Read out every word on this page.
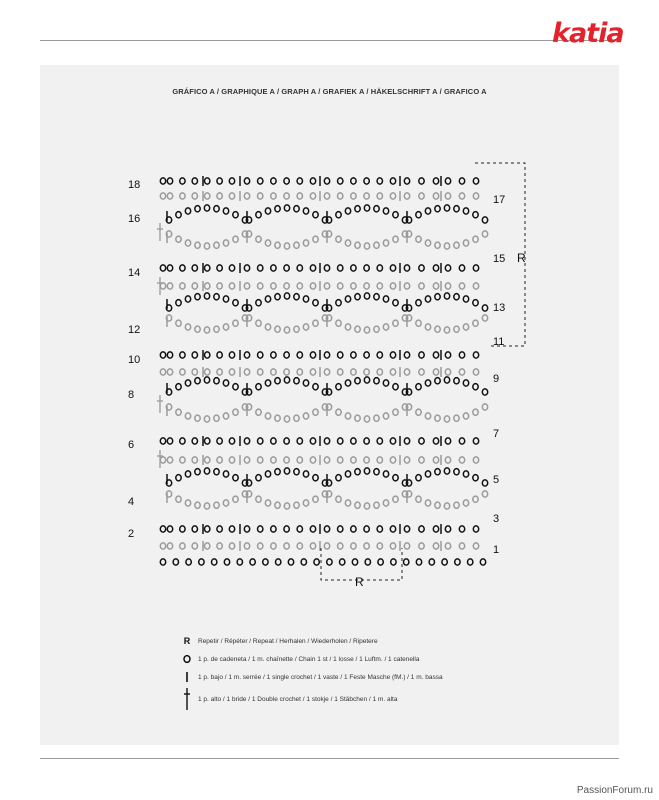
katia
GRÁFICO A / GRAPHIQUE A / GRAPH A / GRAFIEK A / HÄKELSCHRIFT A / GRAFICO A
18
16
14
12
10
8
6
4
2
17
15
13
11
9
7
5
3
1
R
R
R Repetir / Répéter / Repeat / Herhalen / Wiederholen / Ripetere
1 p. de cadeneta / 1 m. chaînette / Chain 1 st / 1 losse / 1 Luftm. / 1 catenella
1 p. bajo / 1 m. serrée / 1 single crochet / 1 vaste / 1 Feste Masche (fM.) / 1 m. bassa
1 p. alto / 1 bride / 1 Double crochet / 1 stokje / 1 Stäbchen / 1 m. alta
PassionForum.ru
